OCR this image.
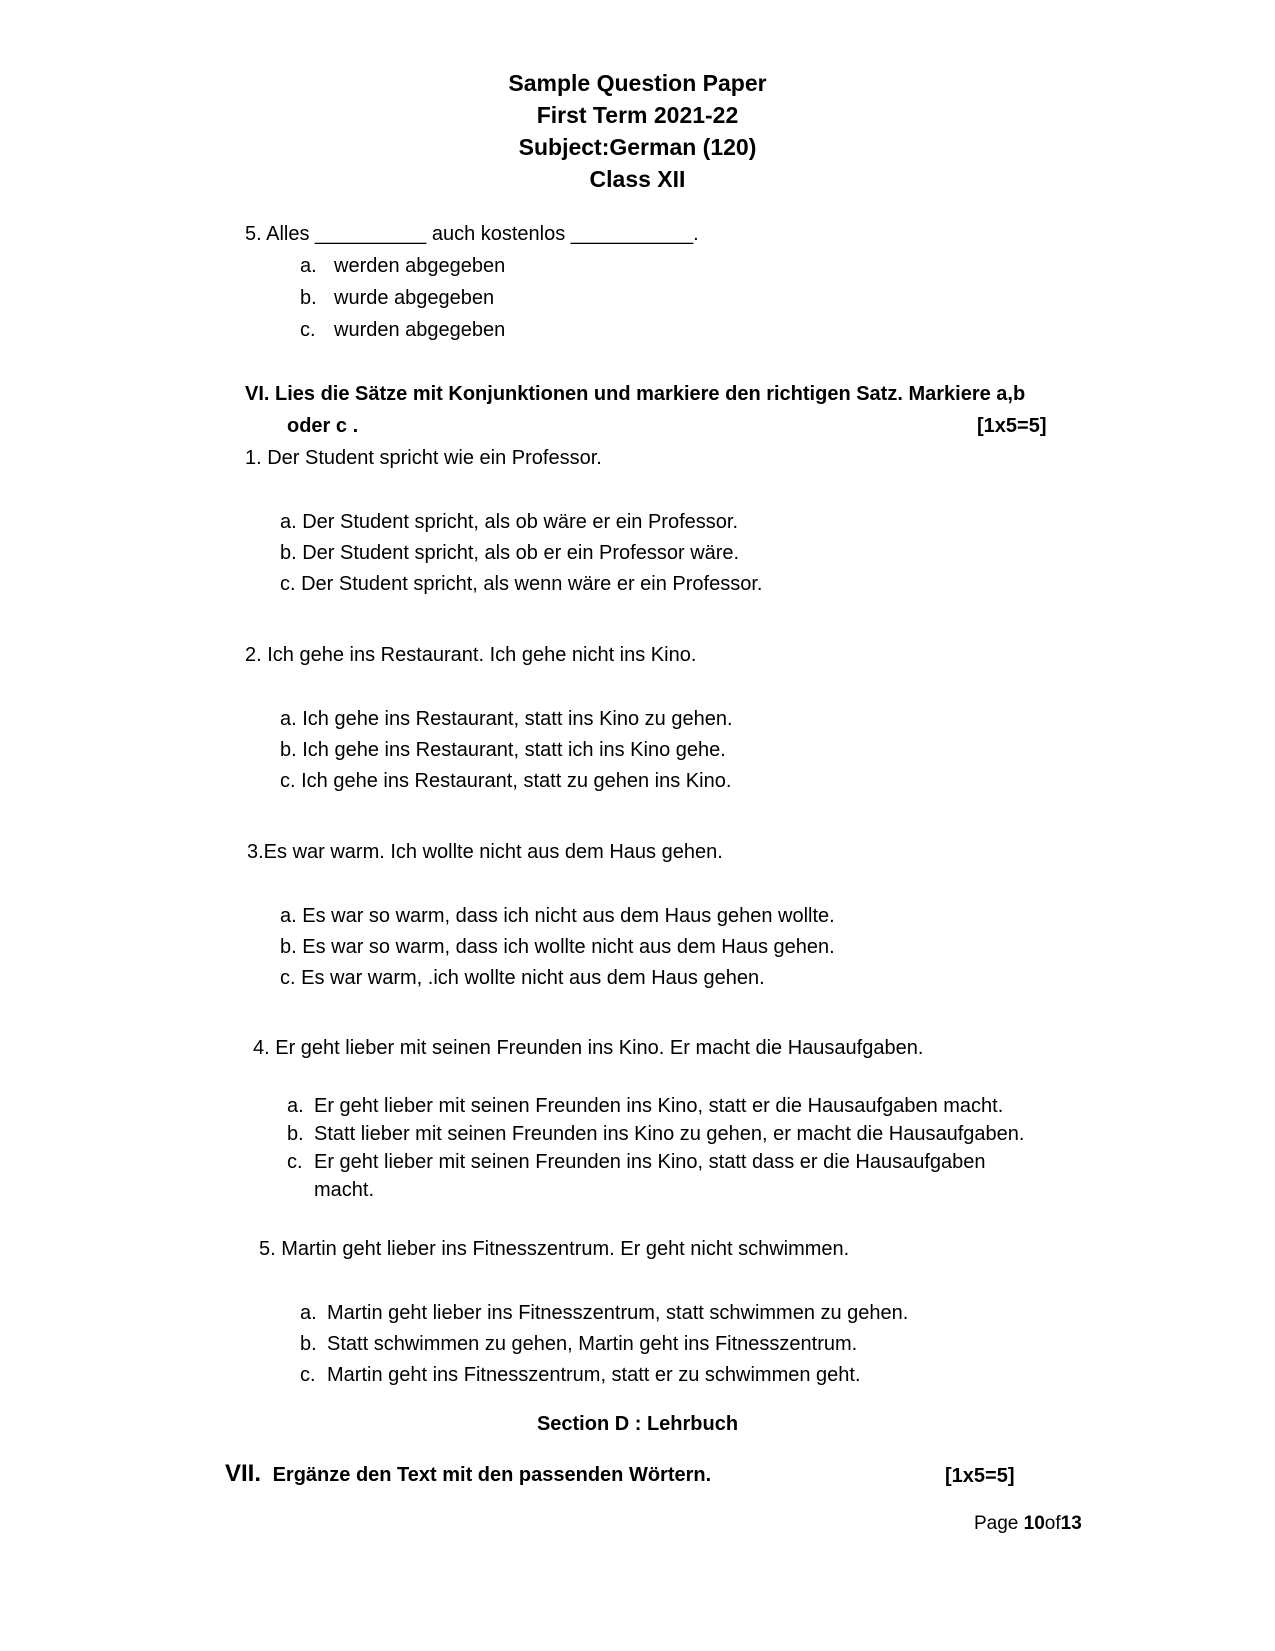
Sample Question Paper
First Term 2021-22
Subject:German (120)
Class XII
5. Alles __________ auch kostenlos ___________.
a. werden abgegeben
b. wurde abgegeben
c. wurden abgegeben
VI. Lies die Sätze mit Konjunktionen und markiere den richtigen Satz. Markiere a,b
oder c .	[1x5=5]
1. Der Student spricht wie ein Professor.
a. Der Student spricht, als ob wäre er ein Professor.
b. Der Student spricht, als ob er ein Professor wäre.
c. Der Student spricht, als wenn wäre er ein Professor.
2. Ich gehe ins Restaurant. Ich gehe nicht ins Kino.
a. Ich gehe ins Restaurant, statt ins Kino zu gehen.
b. Ich gehe ins Restaurant, statt ich ins Kino gehe.
c. Ich gehe ins Restaurant, statt zu gehen ins Kino.
3.Es war warm. Ich wollte nicht aus dem Haus gehen.
a. Es war so warm, dass ich nicht aus dem Haus gehen wollte.
b. Es war so warm, dass ich wollte nicht aus dem Haus gehen.
c. Es war warm, .ich wollte nicht aus dem Haus gehen.
4. Er geht lieber mit seinen Freunden ins Kino. Er macht die Hausaufgaben.
a. Er geht lieber mit seinen Freunden ins Kino, statt er die Hausaufgaben macht.
b. Statt lieber mit seinen Freunden ins Kino zu gehen, er macht die Hausaufgaben.
c. Er geht lieber mit seinen Freunden ins Kino, statt dass er die Hausaufgaben
macht.
5. Martin geht lieber ins Fitnesszentrum. Er geht nicht schwimmen.
a. Martin geht lieber ins Fitnesszentrum, statt schwimmen zu gehen.
b. Statt schwimmen zu gehen, Martin geht ins Fitnesszentrum.
c. Martin geht ins Fitnesszentrum, statt er zu schwimmen geht.
Section D : Lehrbuch
VII. Ergänze den Text mit den passenden Wörtern.	[1x5=5]
Page 10of13
